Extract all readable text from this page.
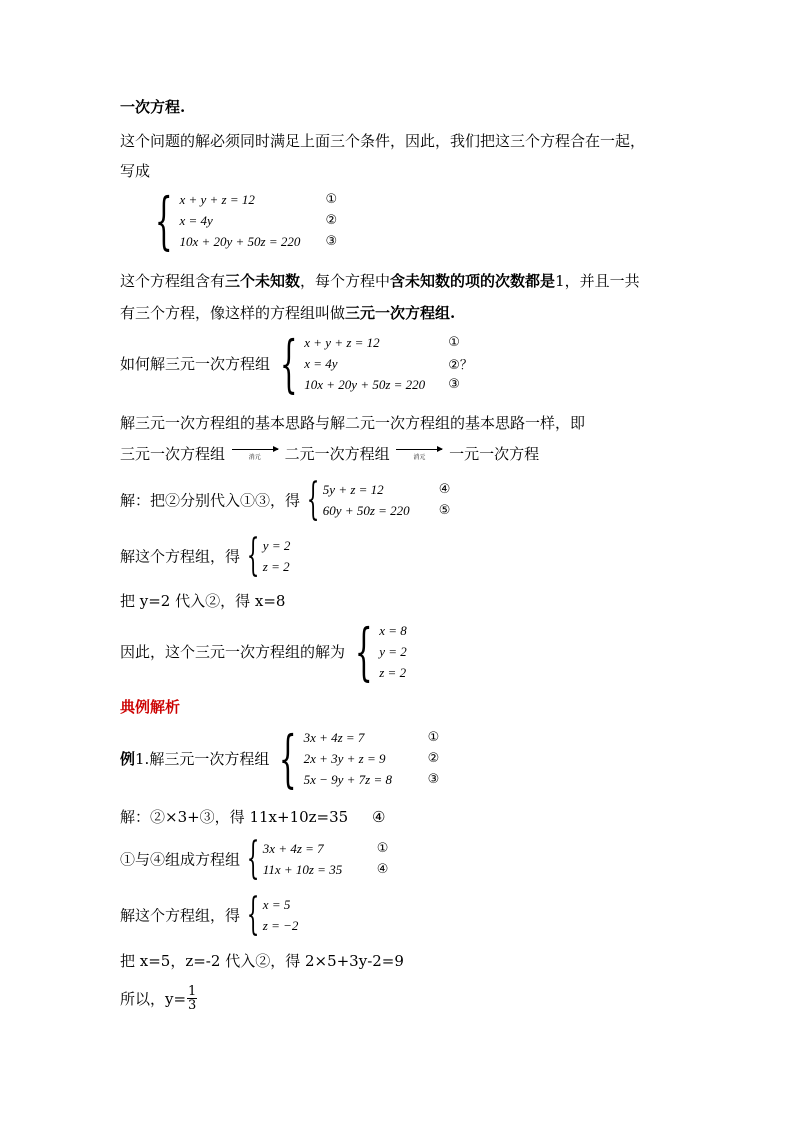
一次方程.
这个问题的解必须同时满足上面三个条件，因此，我们把这三个方程合在一起，
写成
{ x + y + z = 12	①
x = 4y	②
10x + 20y + 50z = 220	③
这个方程组含有三个未知数，每个方程中含未知数的项的次数都是1，并且一共
有三个方程，像这样的方程组叫做三元一次方程组.
如何解三元一次方程组 { x + y + z = 12	①
x = 4y	②？
10x + 20y + 50z = 220	③
解三元一次方程组的基本思路与解二元一次方程组的基本思路一样，即
三元一次方程组	消元 二元一次方程组	消元 一元一次方程
解：把②分别代入①③，得 { 5y + z = 12	④
60y + 50z = 220	⑤
解这个方程组，得 { y = 2
z = 2
把 y=2 代入②，得 x=8
因此，这个三元一次方程组的解为 { x = 8
y = 2
z = 2
典例解析
例1.解三元一次方程组 { 3x + 4z = 7	①
2x + 3y + z = 9	②
5x − 9y + 7z = 8	③
解：②×3+③，得 11x+10z=35     ④
①与④组成方程组 { 3x + 4z = 7	①
11x + 10z = 35	④
解这个方程组，得 { x = 5
z = −2
把 x=5，z=-2 代入②，得 2×5+3y-2=9
所以，$y= \frac{1}{3}$
